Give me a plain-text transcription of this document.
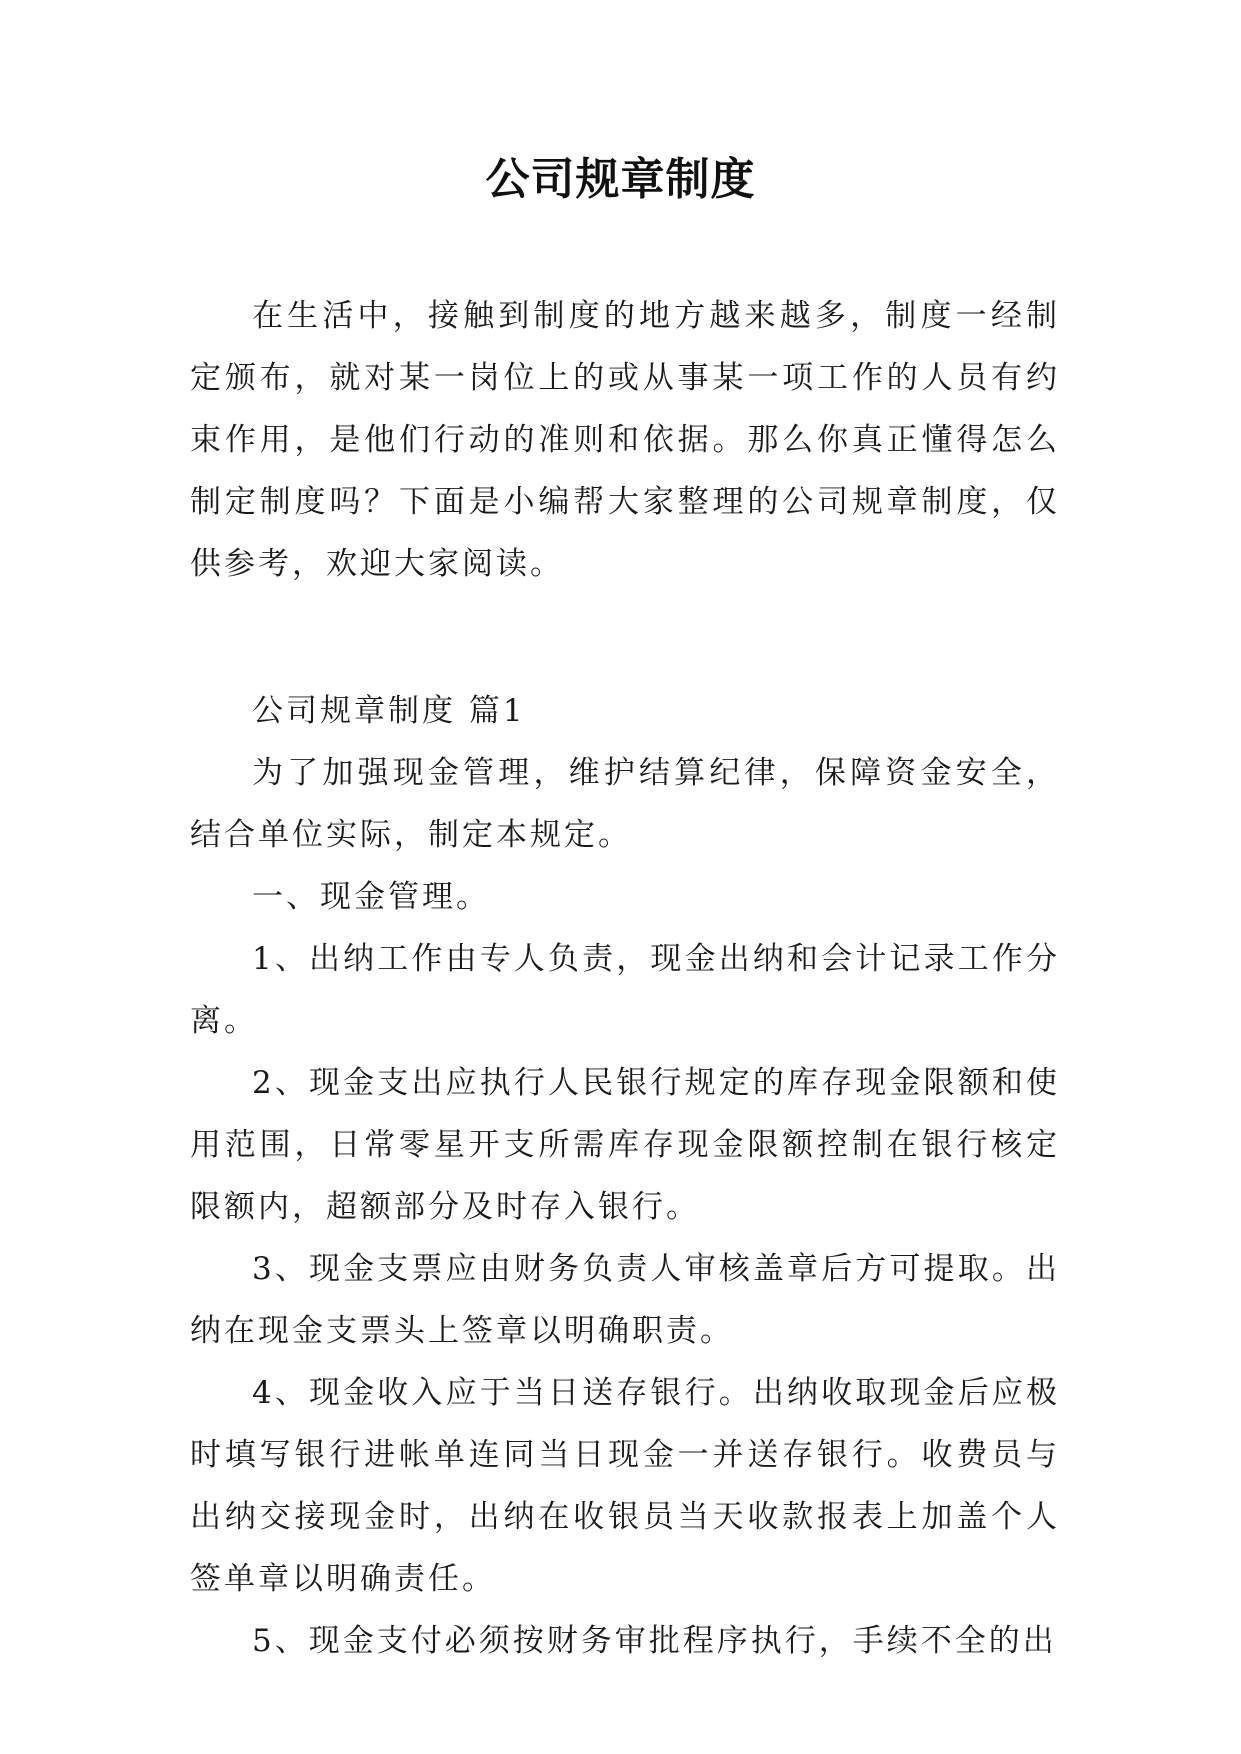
公司规章制度

在生活中，接触到制度的地方越来越多，制度一经制定颁布，就对某一岗位上的或从事某一项工作的人员有约束作用，是他们行动的准则和依据。那么你真正懂得怎么制定制度吗？下面是小编帮大家整理的公司规章制度，仅供参考，欢迎大家阅读。

公司规章制度 篇1

为了加强现金管理，维护结算纪律，保障资金安全，结合单位实际，制定本规定。

一、现金管理。

1、出纳工作由专人负责，现金出纳和会计记录工作分离。

2、现金支出应执行人民银行规定的库存现金限额和使用范围，日常零星开支所需库存现金限额控制在银行核定限额内，超额部分及时存入银行。

3、现金支票应由财务负责人审核盖章后方可提取。出纳在现金支票头上签章以明确职责。

4、现金收入应于当日送存银行。出纳收取现金后应极时填写银行进帐单连同当日现金一并送存银行。收费员与出纳交接现金时，出纳在收银员当天收款报表上加盖个人签单章以明确责任。

5、现金支付必须按财务审批程序执行，手续不全的出
